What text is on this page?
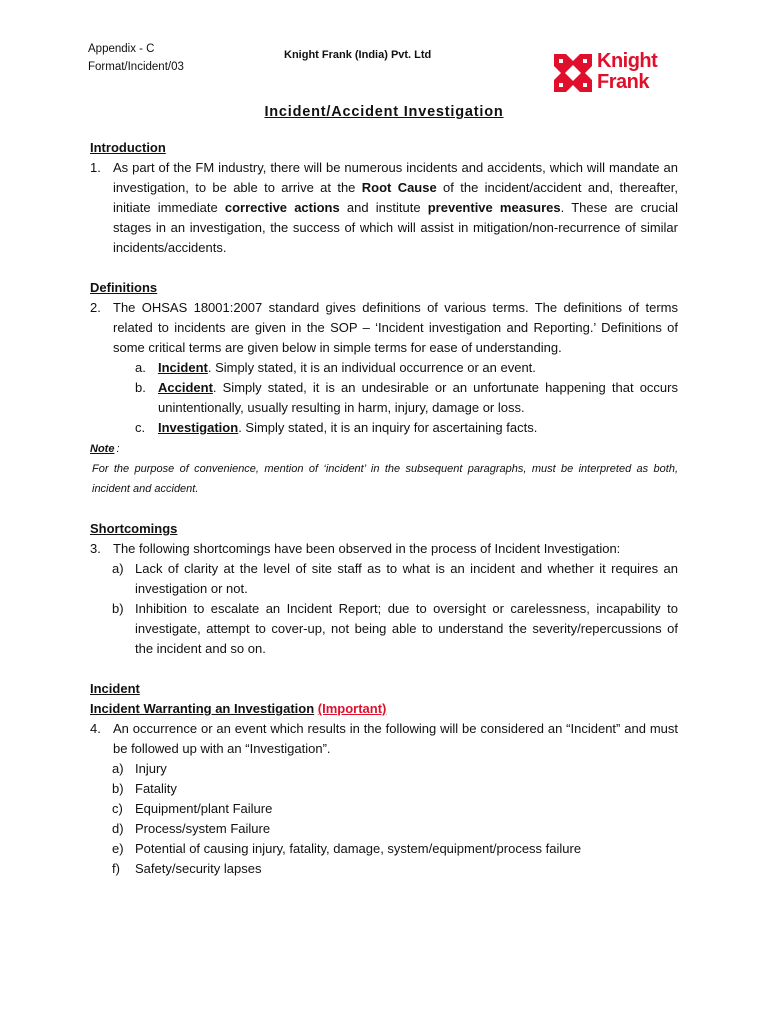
Appendix - C
Format/Incident/03
Knight Frank (India) Pvt. Ltd	Knight
Frank
Incident/Accident Investigation
Introduction
1. As part of the FM industry, there will be numerous incidents and accidents, which will mandate an investigation, to be able to arrive at the Root Cause of the incident/accident and, thereafter, initiate immediate corrective actions and institute preventive measures. These are crucial stages in an investigation, the success of which will assist in mitigation/non-recurrence of similar incidents/accidents.
Definitions
2. The OHSAS 18001:2007 standard gives definitions of various terms. The definitions of terms related to incidents are given in the SOP – ‘Incident investigation and Reporting.’ Definitions of some critical terms are given below in simple terms for ease of understanding.
a. Incident. Simply stated, it is an individual occurrence or an event.
b. Accident. Simply stated, it is an undesirable or an unfortunate happening that occurs unintentionally, usually resulting in harm, injury, damage or loss.
c. Investigation. Simply stated, it is an inquiry for ascertaining facts.
Note :
For the purpose of convenience, mention of ‘incident’ in the subsequent paragraphs, must be interpreted as both, incident and accident.
Shortcomings
3. The following shortcomings have been observed in the process of Incident Investigation:
a) Lack of clarity at the level of site staff as to what is an incident and whether it requires an investigation or not.
b) Inhibition to escalate an Incident Report; due to oversight or carelessness, incapability to investigate, attempt to cover-up, not being able to understand the severity/repercussions of the incident and so on.
Incident
Incident Warranting an Investigation (Important)
4. An occurrence or an event which results in the following will be considered an “Incident” and must be followed up with an “Investigation”.
a) Injury
b) Fatality
c) Equipment/plant Failure
d) Process/system Failure
e) Potential of causing injury, fatality, damage, system/equipment/process failure
f)	Safety/security lapses
